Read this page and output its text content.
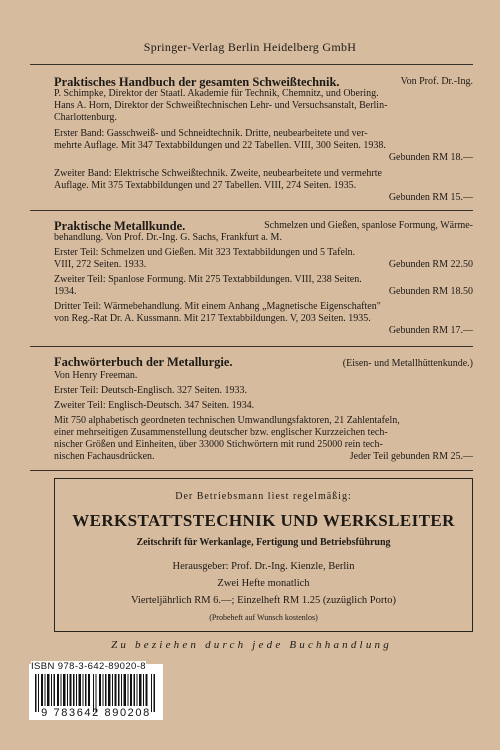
Springer-Verlag Berlin Heidelberg GmbH
Praktisches Handbuch der gesamten Schweißtechnik.	Von Prof. Dr.-Ing.
P. Schimpke, Direktor der Staatl. Akademie für Technik, Chemnitz, und Obering.
Hans A. Horn, Direktor der Schweißtechnischen Lehr- und Versuchsanstalt, Berlin-
Charlottenburg.
Erster Band: Gasschweiß- und Schneidtechnik. Dritte, neubearbeitete und ver-
mehrte Auflage. Mit 347 Textabbildungen und 22 Tabellen. VIII, 300 Seiten. 1938.
Gebunden RM 18.—
Zweiter Band: Elektrische Schweißtechnik. Zweite, neubearbeitete und vermehrte
Auflage. Mit 375 Textabbildungen und 27 Tabellen. VIII, 274 Seiten. 1935.
Gebunden RM 15.—
Praktische Metallkunde.	Schmelzen und Gießen, spanlose Formung, Wärme-
behandlung. Von Prof. Dr.-Ing. G. Sachs, Frankfurt a. M.
Erster Teil: Schmelzen und Gießen. Mit 323 Textabbildungen und 5 Tafeln.
VIII, 272 Seiten. 1933.	Gebunden RM 22.50
Zweiter Teil: Spanlose Formung. Mit 275 Textabbildungen. VIII, 238 Seiten.
1934.	Gebunden RM 18.50
Dritter Teil: Wärmebehandlung. Mit einem Anhang „Magnetische Eigenschaften"
von Reg.-Rat Dr. A. Kussmann. Mit 217 Textabbildungen. V, 203 Seiten. 1935.
Gebunden RM 17.—
Fachwörterbuch der Metallurgie.	(Eisen- und Metallhüttenkunde.)
Von Henry Freeman.
Erster Teil: Deutsch-Englisch. 327 Seiten. 1933.
Zweiter Teil: Englisch-Deutsch. 347 Seiten. 1934.
Mit 750 alphabetisch geordneten technischen Umwandlungsfaktoren, 21 Zahlentafeln,
einer mehrseitigen Zusammenstellung deutscher bzw. englischer Kurzzeichen tech-
nischer Größen und Einheiten, über 33000 Stichwörtern mit rund 25000 rein tech-
nischen Fachausdrücken.	Jeder Teil gebunden RM 25.—
Der Betriebsmann liest regelmäßig:
WERKSTATTSTECHNIK UND WERKSLEITER
Zeitschrift für Werkanlage, Fertigung und Betriebsführung
Herausgeber: Prof. Dr.-Ing. Kienzle, Berlin
Zwei Hefte monatlich
Vierteljährlich RM 6.—; Einzelheft RM 1.25 (zuzüglich Porto)
(Probeheft auf Wunsch kostenlos)
Zu beziehen durch jede Buchhandlung
ISBN 978-3-642-89020-8
9 783642 890208
